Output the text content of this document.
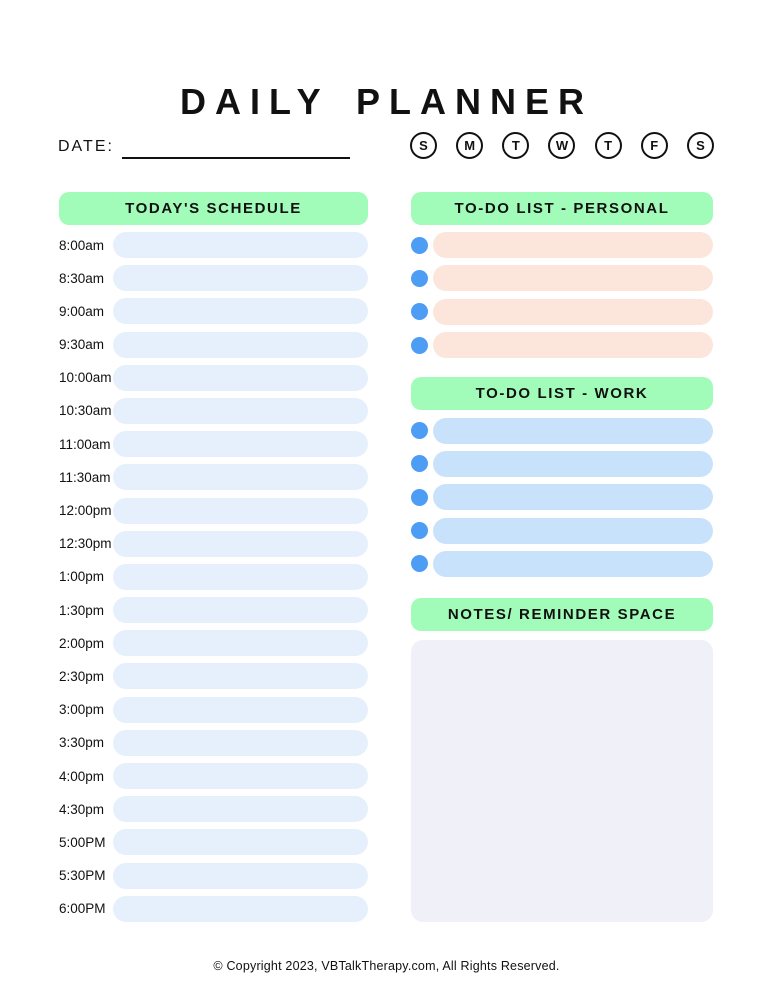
DAILY PLANNER
DATE:	S	M	T	W	T	F	S
TODAY'S SCHEDULE
8:00am
8:30am
9:00am
9:30am
10:00am
10:30am
11:00am
11:30am
12:00pm
12:30pm
1:00pm
1:30pm
2:00pm
2:30pm
3:00pm
3:30pm
4:00pm
4:30pm
5:00PM
5:30PM
6:00PM
TO-DO LIST - PERSONAL
TO-DO LIST - WORK
NOTES/ REMINDER SPACE
© Copyright 2023, VBTalkTherapy.com, All Rights Reserved.
